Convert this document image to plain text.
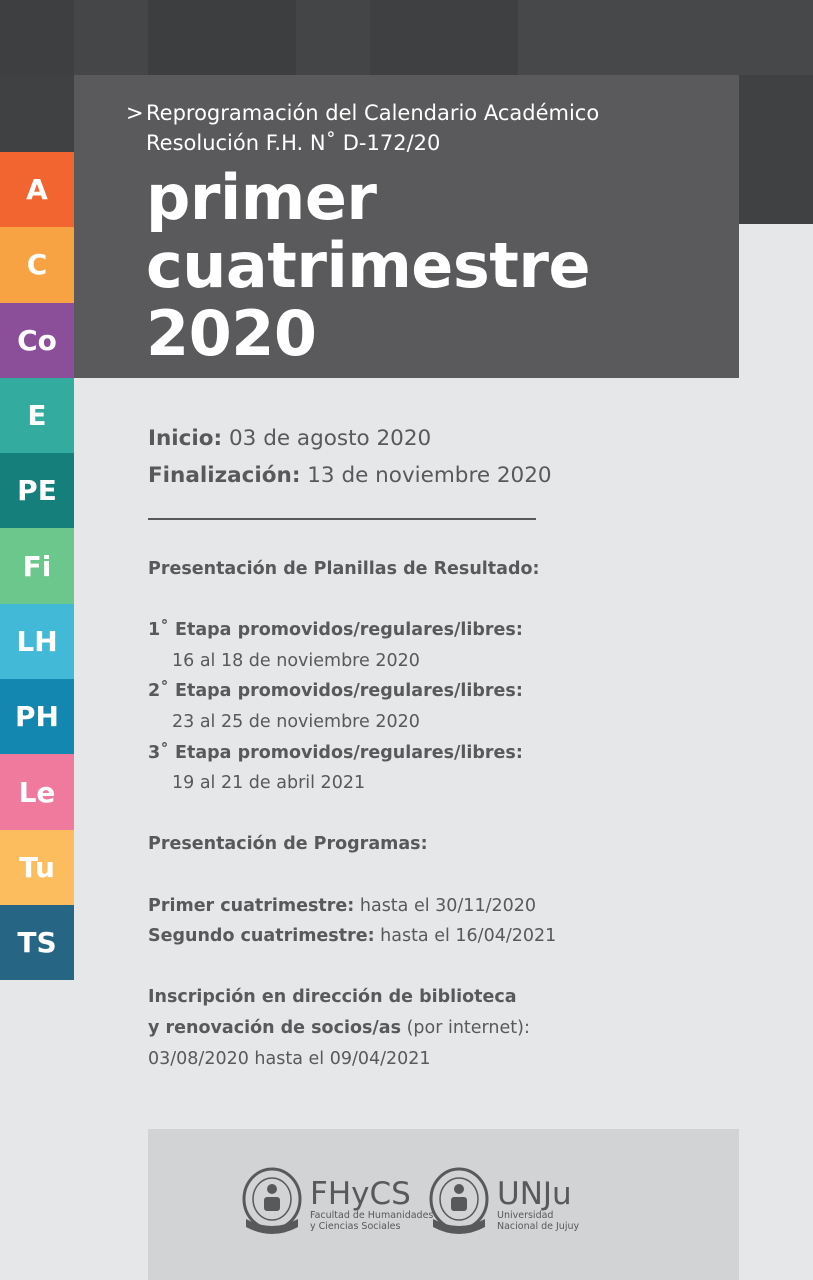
> Reprogramación del Calendario Académico
Resolución F.H. N˚ D-172/20
primer
cuatrimestre
2020
A
C
Co
E
PE
Fi
LH
PH
Le
Tu
TS

Inicio: 03 de agosto 2020

Finalización: 13 de noviembre 2020

Presentación de Planillas de Resultado:

1˚ Etapa promovidos/regulares/libres:

16 al 18 de noviembre 2020

2˚ Etapa promovidos/regulares/libres:

23 al 25 de noviembre 2020

3˚ Etapa promovidos/regulares/libres:

19 al 21 de abril 2021

Presentación de Programas:

Primer cuatrimestre: hasta el 30/11/2020

Segundo cuatrimestre: hasta el 16/04/2021

Inscripción en dirección de biblioteca

y renovación de socios/as (por internet):

03/08/2020 hasta el 09/04/2021

FHyCS
Facultad de Humanidades
y Ciencias Sociales
UNJu
Universidad
Nacional de Jujuy
